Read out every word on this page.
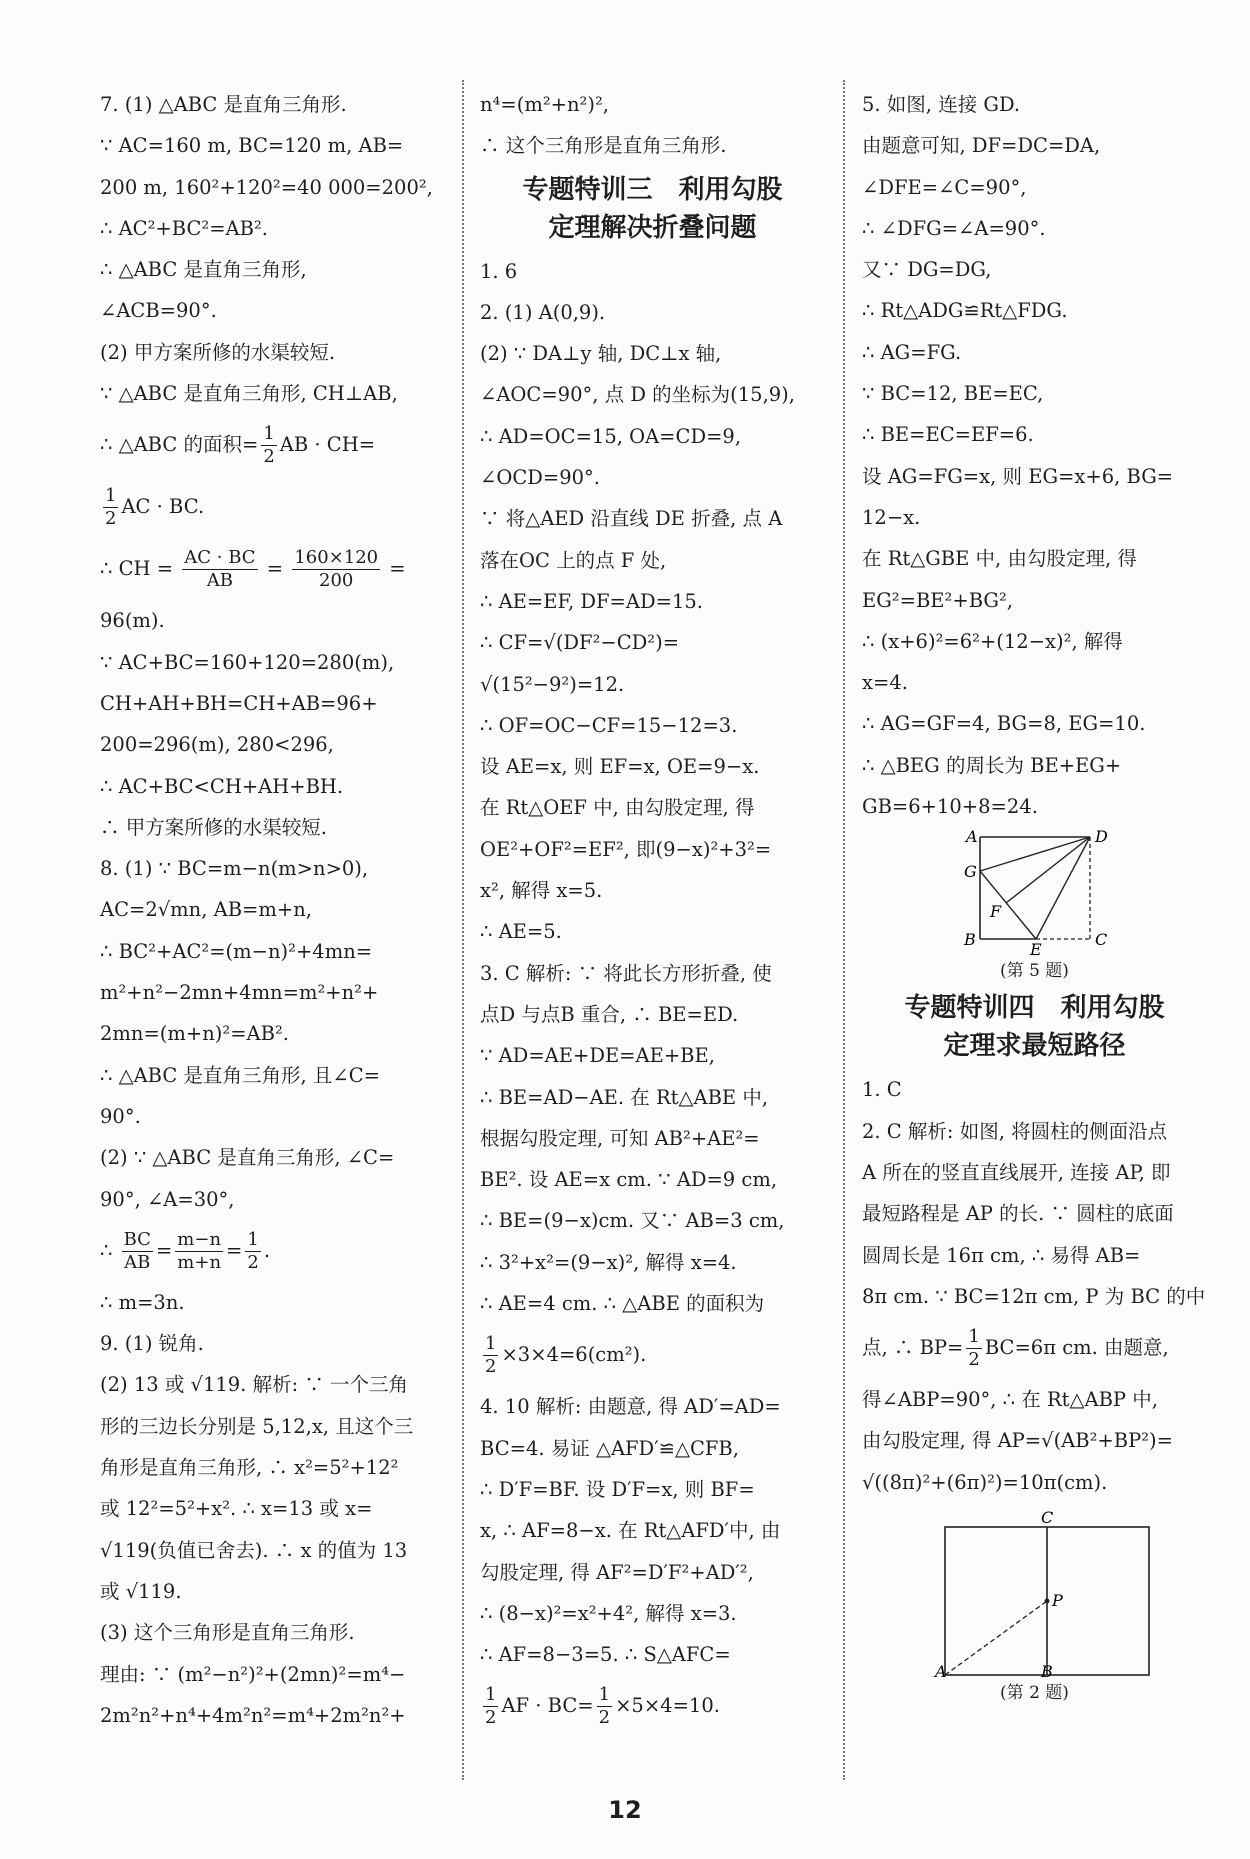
7. (1) △ABC 是直角三角形.
∵ AC=160 m, BC=120 m, AB=
200 m, 160²+120²=40 000=200²,
∴ AC²+BC²=AB².
∴ △ABC 是直角三角形,
∠ACB=90°.
(2) 甲方案所修的水渠较短.
∵ △ABC 是直角三角形, CH⊥AB,
∴ △ABC 的面积= $\frac{1}{2}$ AB · CH=
$\frac{1}{2}$ AC · BC.
∴ CH = $\frac{AC \cdot BC}{AB} = \frac{160\times 120}{200}$ =
96(m).
∵ AC+BC=160+120=280(m),
CH+AH+BH=CH+AB=96+
200=296(m), 280<296,
∴ AC+BC<CH+AH+BH.
∴ 甲方案所修的水渠较短.
8. (1) ∵ BC=m−n(m>n>0),
AC=2√mn, AB=m+n,
∴ BC²+AC²=(m−n)²+4mn=
m²+n²−2mn+4mn=m²+n²+
2mn=(m+n)²=AB².
∴ △ABC 是直角三角形, 且∠C=
90°.
(2) ∵ △ABC 是直角三角形, ∠C=
90°, ∠A=30°,
∴ $\frac{BC}{AB} = \frac{m-n}{m+n} = \frac{1}{2}$ .
∴ m=3n.
9. (1) 锐角.
(2) 13 或 √119. 解析: ∵ 一个三角
形的三边长分别是 5,12,x, 且这个三
角形是直角三角形, ∴ x²=5²+12²
或 12²=5²+x². ∴ x=13 或 x=
√119(负值已舍去). ∴ x 的值为 13
或 √119.
(3) 这个三角形是直角三角形.
理由: ∵ (m²−n²)²+(2mn)²=m⁴−
2m²n²+n⁴+4m²n²=m⁴+2m²n²+
n⁴=(m²+n²)²,
∴ 这个三角形是直角三角形.
专题特训三　利用勾股
定理解决折叠问题
1. 6
2. (1) A(0,9).
(2) ∵ DA⊥y 轴, DC⊥x 轴,
∠AOC=90°, 点 D 的坐标为(15,9),
∴ AD=OC=15, OA=CD=9,
∠OCD=90°.
∵ 将△AED 沿直线 DE 折叠, 点 A
落在OC 上的点 F 处,
∴ AE=EF, DF=AD=15.
∴ CF=√(DF²−CD²)=
√(15²−9²)=12.
∴ OF=OC−CF=15−12=3.
设 AE=x, 则 EF=x, OE=9−x.
在 Rt△OEF 中, 由勾股定理, 得
OE²+OF²=EF², 即(9−x)²+3²=
x², 解得 x=5.
∴ AE=5.
3. C 解析: ∵ 将此长方形折叠, 使
点D 与点B 重合, ∴ BE=ED.
∵ AD=AE+DE=AE+BE,
∴ BE=AD−AE. 在 Rt△ABE 中,
根据勾股定理, 可知 AB²+AE²=
BE². 设 AE=x cm. ∵ AD=9 cm,
∴ BE=(9−x)cm. 又∵ AB=3 cm,
∴ 3²+x²=(9−x)², 解得 x=4.
∴ AE=4 cm. ∴ △ABE 的面积为
$\frac{1}{2} \times 3\times 4=6(cm^2)$.
4. 10 解析: 由题意, 得 AD′=AD=
BC=4. 易证 △AFD′≌△CFB,
∴ D′F=BF. 设 D′F=x, 则 BF=
x, ∴ AF=8−x. 在 Rt△AFD′中, 由
勾股定理, 得 AF²=D′F²+AD′²,
∴ (8−x)²=x²+4², 解得 x=3.
∴ AF=8−3=5. ∴ S△AFC=
$\frac{1}{2}$ AF · $BC= \frac{1}{2} \times 5\times 4=10$.
5. 如图, 连接 GD.
由题意可知, DF=DC=DA,
∠DFE=∠C=90°,
∴ ∠DFG=∠A=90°.
又∵ DG=DG,
∴ Rt△ADG≌Rt△FDG.
∴ AG=FG.
∵ BC=12, BE=EC,
∴ BE=EC=EF=6.
设 AG=FG=x, 则 EG=x+6, BG=
12−x.
在 Rt△GBE 中, 由勾股定理, 得
EG²=BE²+BG²,
∴ (x+6)²=6²+(12−x)², 解得
x=4.
∴ AG=GF=4, BG=8, EG=10.
∴ △BEG 的周长为 BE+EG+
GB=6+10+8=24.
A	D
G
F
B
E
C
(第 5 题)
专题特训四　利用勾股
定理求最短路径
1. C
2. C 解析: 如图, 将圆柱的侧面沿点
A 所在的竖直直线展开, 连接 AP, 即
最短路程是 AP 的长. ∵ 圆柱的底面
圆周长是 16π cm, ∴ 易得 AB=
8π cm. ∵ BC=12π cm, P 为 BC 的中
点, ∴ $BP= \frac{1}{2} BC=6\pi$ cm. 由题意,
得∠ABP=90°, ∴ 在 Rt△ABP 中,
由勾股定理, 得 AP=√(AB²+BP²)=
√((8π)²+(6π)²)=10π(cm).
C
P
A	B
(第 2 题)
12
